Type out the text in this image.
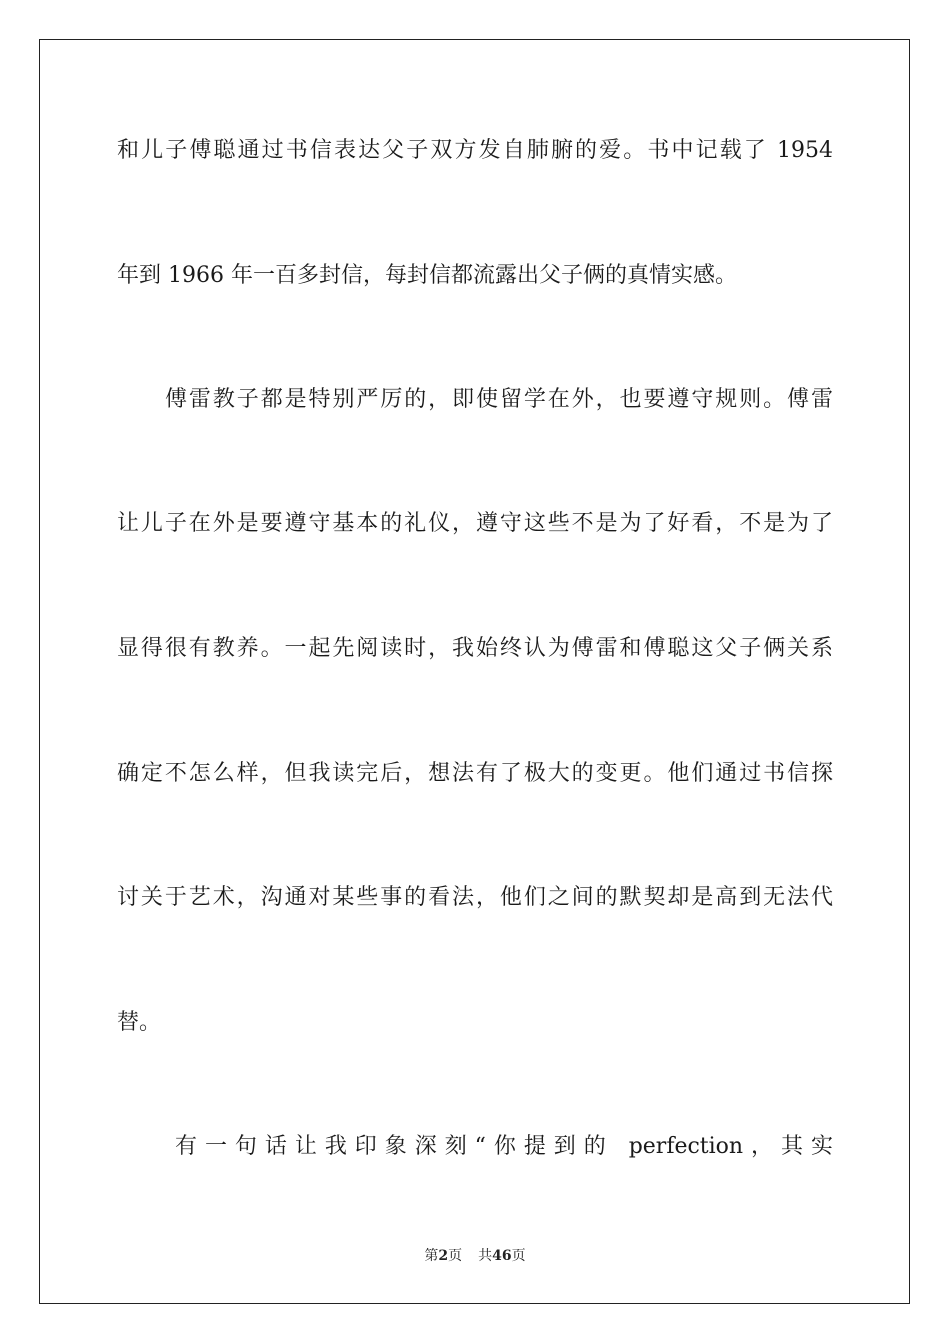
和儿子傅聪通过书信表达父子双方发自肺腑的爱。书中记载了 1954
年到 1966 年一百多封信，每封信都流露出父子俩的真情实感。
傅雷教子都是特别严厉的，即使留学在外，也要遵守规则。傅雷
让儿子在外是要遵守基本的礼仪，遵守这些不是为了好看，不是为了
显得很有教养。一起先阅读时，我始终认为傅雷和傅聪这父子俩关系
确定不怎么样，但我读完后，想法有了极大的变更。他们通过书信探
讨关于艺术，沟通对某些事的看法，他们之间的默契却是高到无法代
替。
有一句话让我印象深刻“你提到的 perfection，其实
第2页 共46页
